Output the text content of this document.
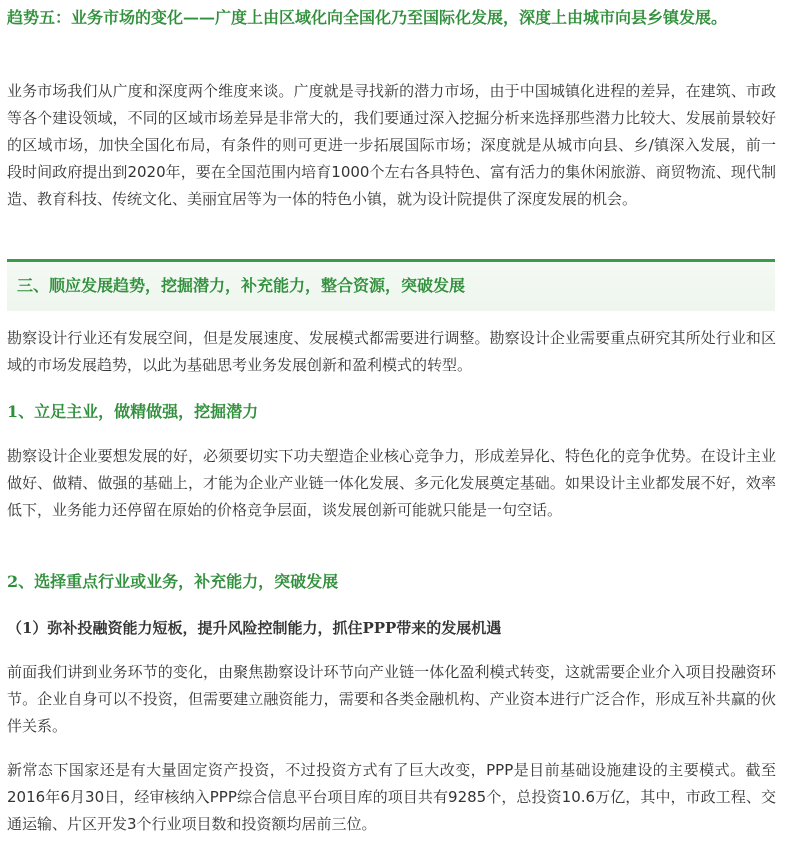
趋势五：业务市场的变化——广度上由区域化向全国化乃至国际化发展，深度上由城市向县乡镇发展。

业务市场我们从广度和深度两个维度来谈。广度就是寻找新的潜力市场，由于中国城镇化进程的差异，在建筑、市政等各个建设领域，不同的区域市场差异是非常大的，我们要通过深入挖掘分析来选择那些潜力比较大、发展前景较好的区域市场，加快全国化布局，有条件的则可更进一步拓展国际市场；深度就是从城市向县、乡/镇深入发展，前一段时间政府提出到2020年，要在全国范围内培育1000个左右各具特色、富有活力的集休闲旅游、商贸物流、现代制造、教育科技、传统文化、美丽宜居等为一体的特色小镇，就为设计院提供了深度发展的机会。

三、顺应发展趋势，挖掘潜力，补充能力，整合资源，突破发展

勘察设计行业还有发展空间，但是发展速度、发展模式都需要进行调整。勘察设计企业需要重点研究其所处行业和区域的市场发展趋势，以此为基础思考业务发展创新和盈利模式的转型。

1、立足主业，做精做强，挖掘潜力

勘察设计企业要想发展的好，必须要切实下功夫塑造企业核心竞争力，形成差异化、特色化的竞争优势。在设计主业做好、做精、做强的基础上，才能为企业产业链一体化发展、多元化发展奠定基础。如果设计主业都发展不好，效率低下，业务能力还停留在原始的价格竞争层面，谈发展创新可能就只能是一句空话。

2、选择重点行业或业务，补充能力，突破发展

（1）弥补投融资能力短板，提升风险控制能力，抓住PPP带来的发展机遇

前面我们讲到业务环节的变化，由聚焦勘察设计环节向产业链一体化盈利模式转变，这就需要企业介入项目投融资环节。企业自身可以不投资，但需要建立融资能力，需要和各类金融机构、产业资本进行广泛合作，形成互补共赢的伙伴关系。

新常态下国家还是有大量固定资产投资，不过投资方式有了巨大改变，PPP是目前基础设施建设的主要模式。截至2016年6月30日，经审核纳入PPP综合信息平台项目库的项目共有9285个，总投资10.6万亿，其中，市政工程、交通运输、片区开发3个行业项目数和投资额均居前三位。
